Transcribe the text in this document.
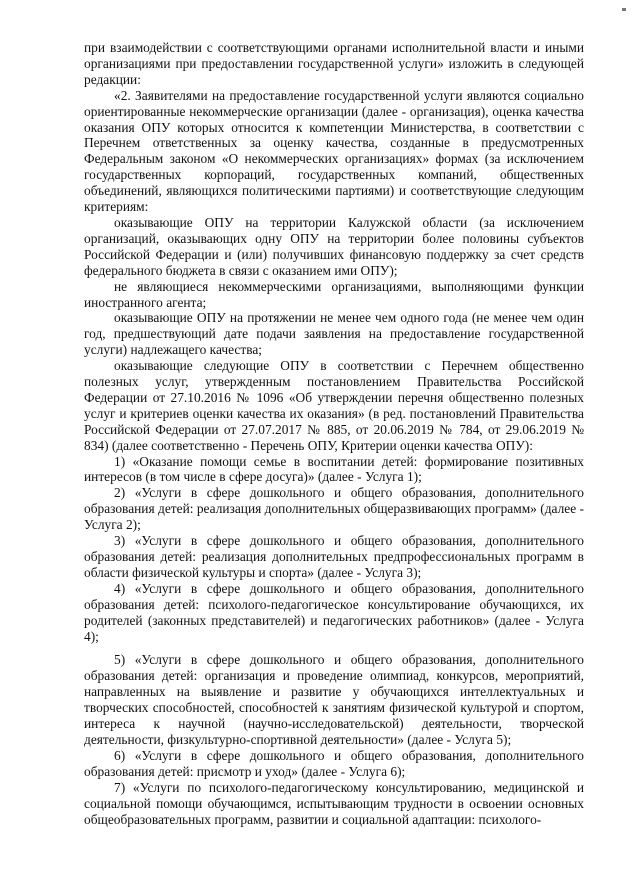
при взаимодействии с соответствующими органами исполнительной власти и иными организациями при предоставлении государственной услуги» изложить в следующей редакции:

«2. Заявителями на предоставление государственной услуги являются социально ориентированные некоммерческие организации (далее - организация), оценка качества оказания ОПУ которых относится к компетенции Министерства, в соответствии с Перечнем ответственных за оценку качества, созданные в предусмотренных Федеральным законом «О некоммерческих организациях» формах (за исключением государственных корпораций, государственных компаний, общественных объединений, являющихся политическими партиями) и соответствующие следующим критериям:

оказывающие ОПУ на территории Калужской области (за исключением организаций, оказывающих одну ОПУ на территории более половины субъектов Российской Федерации и (или) получивших финансовую поддержку за счет средств федерального бюджета в связи с оказанием ими ОПУ);

не являющиеся некоммерческими организациями, выполняющими функции иностранного агента;

оказывающие ОПУ на протяжении не менее чем одного года (не менее чем один год, предшествующий дате подачи заявления на предоставление государственной услуги) надлежащего качества;

оказывающие следующие ОПУ в соответствии с Перечнем общественно полезных услуг, утвержденным постановлением Правительства Российской Федерации от 27.10.2016 № 1096 «Об утверждении перечня общественно полезных услуг и критериев оценки качества их оказания» (в ред. постановлений Правительства Российской Федерации от 27.07.2017 № 885, от 20.06.2019 № 784, от 29.06.2019 № 834) (далее соответственно - Перечень ОПУ, Критерии оценки качества ОПУ):

1) «Оказание помощи семье в воспитании детей: формирование позитивных интересов (в том числе в сфере досуга)» (далее - Услуга 1);

2) «Услуги в сфере дошкольного и общего образования, дополнительного образования детей: реализация дополнительных общеразвивающих программ» (далее - Услуга 2);

3) «Услуги в сфере дошкольного и общего образования, дополнительного образования детей: реализация дополнительных предпрофессиональных программ в области физической культуры и спорта» (далее - Услуга 3);

4) «Услуги в сфере дошкольного и общего образования, дополнительного образования детей: психолого-педагогическое консультирование обучающихся, их родителей (законных представителей) и педагогических работников» (далее - Услуга 4);

5) «Услуги в сфере дошкольного и общего образования, дополнительного образования детей: организация и проведение олимпиад, конкурсов, мероприятий, направленных на выявление и развитие у обучающихся интеллектуальных и творческих способностей, способностей к занятиям физической культурой и спортом, интереса к научной (научно-исследовательской) деятельности, творческой деятельности, физкультурно-спортивной деятельности» (далее - Услуга 5);

6) «Услуги в сфере дошкольного и общего образования, дополнительного образования детей: присмотр и уход» (далее - Услуга 6);

7) «Услуги по психолого-педагогическому консультированию, медицинской и социальной помощи обучающимся, испытывающим трудности в освоении основных общеобразовательных программ, развитии и социальной адаптации: психолого-
